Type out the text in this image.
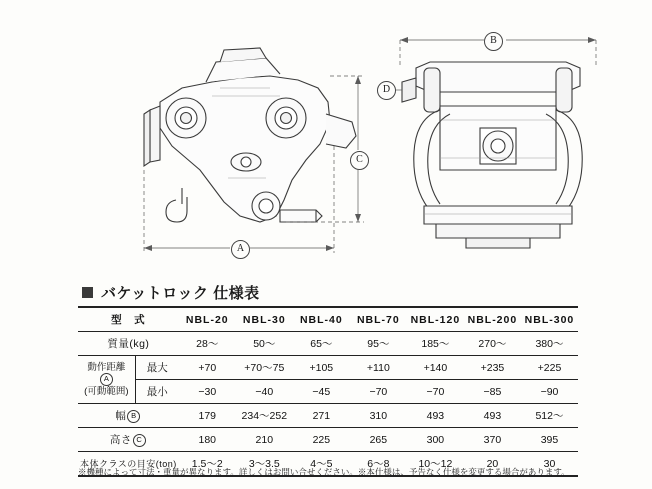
A
C
B
D
バケットロック 仕様表
型　式		NBL-20	NBL-30	NBL-40	NBL-70	NBL-120	NBL-200	NBL-300
質量(kg)		28〜	50〜	65〜	95〜	185〜	270〜	380〜

動作距離A
(可動範囲)	最大	+70	+70〜75	+105	+110	+140	+235	+225
	最小	−30	−40	−45	−70	−70	−85	−90
幅 B		179	234〜252	271	310	493	493	512〜
高さ C		180	210	225	265	300	370	395
本体クラスの目安(ton)		1.5〜2	3〜3.5	4〜5	6〜8	10〜12	20	30
※機種によって寸法・重量が異なります。詳しくはお問い合せください。※本仕様は、予告なく仕様を変更する場合があります。
